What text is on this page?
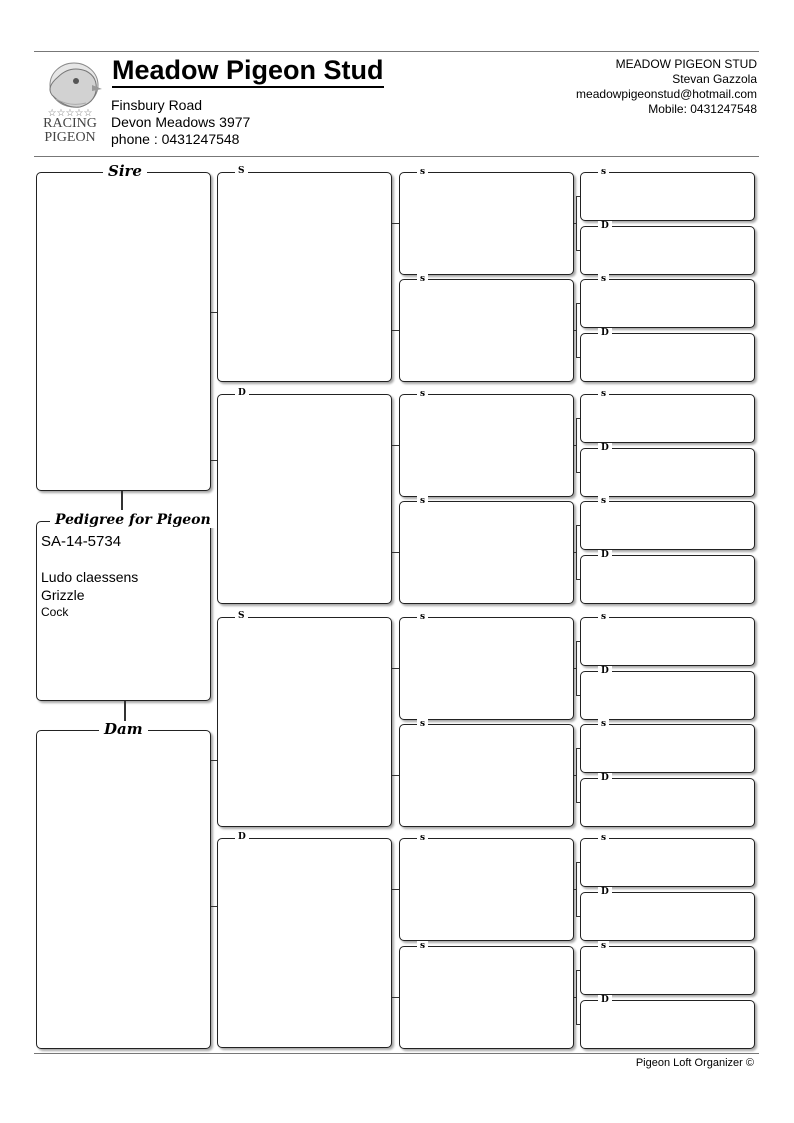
☆☆☆☆☆
RACING
PIGEON
Meadow Pigeon Stud
Finsbury Road
Devon Meadows 3977
phone : 0431247548
MEADOW PIGEON STUD
Stevan Gazzola
meadowpigeonstud@hotmail.com
Mobile: 0431247548
Sire
Pedigree for Pigeon
SA-14-5734
Ludo claessens
Grizzle
Cock
Dam
Pigeon Loft Organizer ©
S
D
S
D
s	s
D
s	s
D
s	s
D
s	s
D
s	s
D
s	s
D
s	s
D
s	s
D
